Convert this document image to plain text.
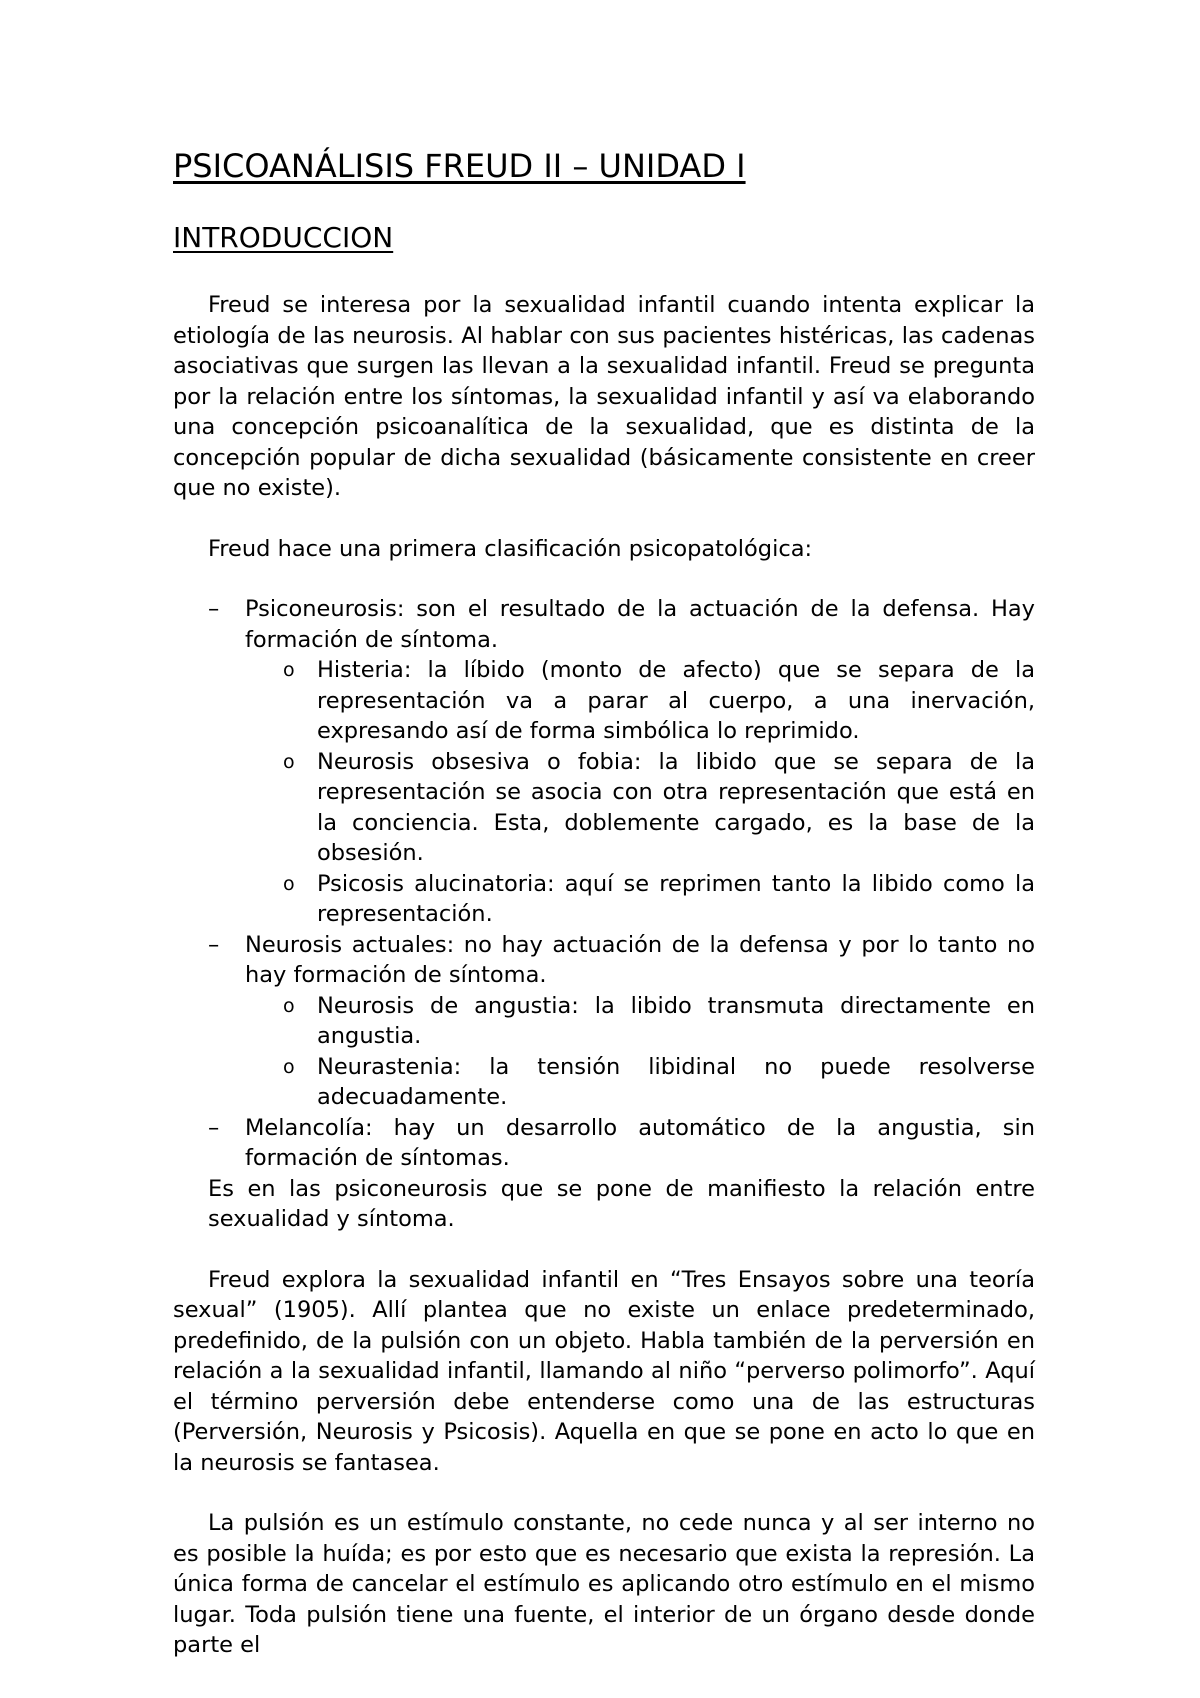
PSICOANÁLISIS FREUD II – UNIDAD I
INTRODUCCION

Freud se interesa por la sexualidad infantil cuando intenta explicar la etiología de las neurosis. Al hablar con sus pacientes histéricas, las cadenas asociativas que surgen las llevan a la sexualidad infantil. Freud se pregunta por la relación entre los síntomas, la sexualidad infantil y así va elaborando una concepción psicoanalítica de la sexualidad, que es distinta de la concepción popular de dicha sexualidad (básicamente consistente en creer que no existe).

Freud hace una primera clasificación psicopatológica:

– Psiconeurosis: son el resultado de la actuación de la defensa. Hay formación de síntoma.
o Histeria: la líbido (monto de afecto) que se separa de la representación va a parar al cuerpo, a una inervación, expresando así de forma simbólica lo reprimido.
o Neurosis obsesiva o fobia: la libido que se separa de la representación se asocia con otra representación que está en la conciencia. Esta, doblemente cargado, es la base de la obsesión.
o Psicosis alucinatoria: aquí se reprimen tanto la libido como la representación.
– Neurosis actuales: no hay actuación de la defensa y por lo tanto no hay formación de síntoma.
o Neurosis de angustia: la libido transmuta directamente en angustia.
o Neurastenia: la tensión libidinal no puede resolverse adecuadamente.
– Melancolía: hay un desarrollo automático de la angustia, sin formación de síntomas.

Es en las psiconeurosis que se pone de manifiesto la relación entre sexualidad y síntoma.

Freud explora la sexualidad infantil en “Tres Ensayos sobre una teoría sexual” (1905). Allí plantea que no existe un enlace predeterminado, predefinido, de la pulsión con un objeto. Habla también de la perversión en relación a la sexualidad infantil, llamando al niño “perverso polimorfo”. Aquí el término perversión debe entenderse como una de las estructuras (Perversión, Neurosis y Psicosis). Aquella en que se pone en acto lo que en la neurosis se fantasea.

La pulsión es un estímulo constante, no cede nunca y al ser interno no es posible la huída; es por esto que es necesario que exista la represión. La única forma de cancelar el estímulo es aplicando otro estímulo en el mismo lugar. Toda pulsión tiene una fuente, el interior de un órgano desde donde parte el
